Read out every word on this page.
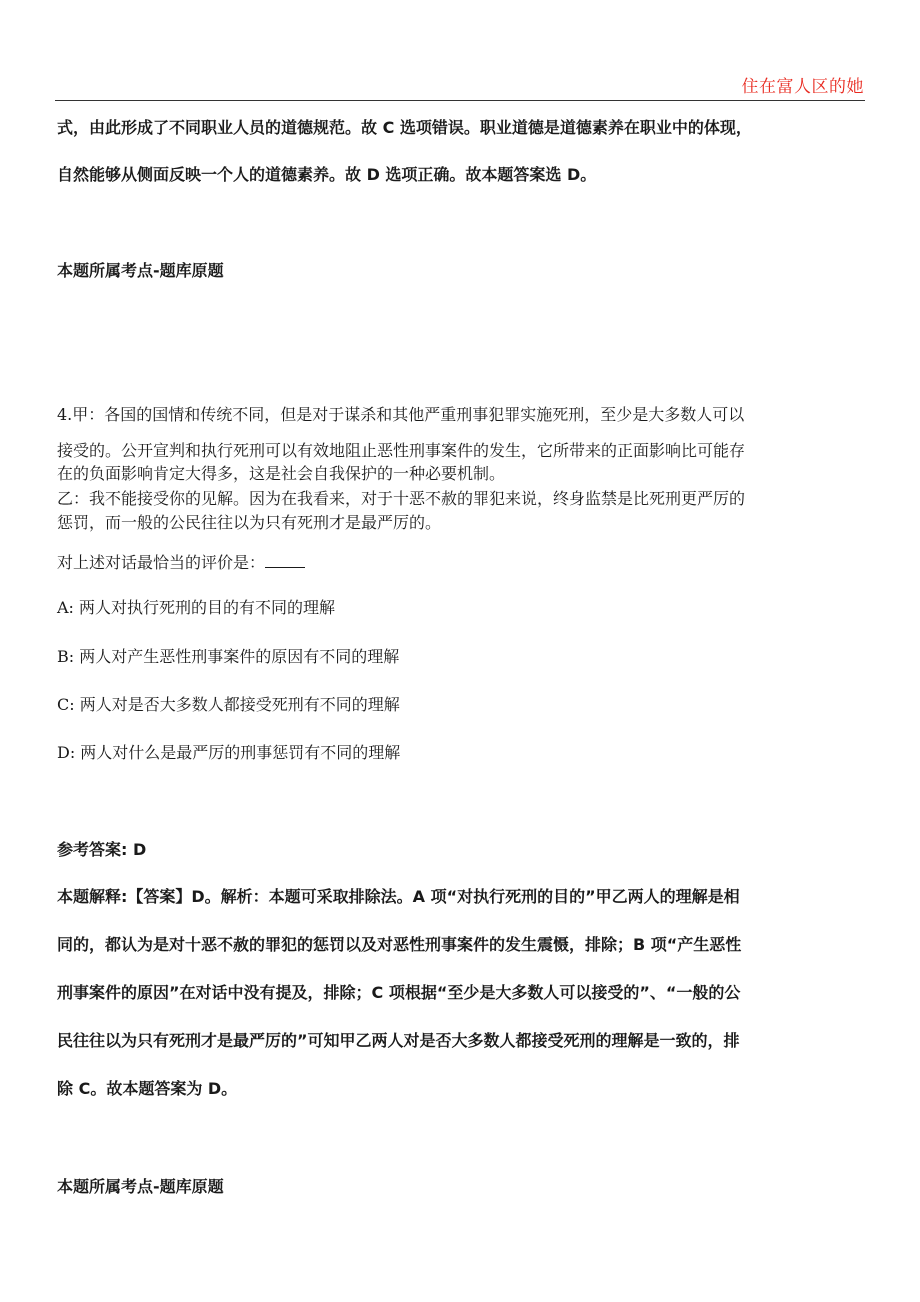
住在富人区的她
式，由此形成了不同职业人员的道德规范。故 C 选项错误。职业道德是道德素养在职业中的体现，
自然能够从侧面反映一个人的道德素养。故 D 选项正确。故本题答案选 D。
本题所属考点-题库原题
4.甲：各国的国情和传统不同，但是对于谋杀和其他严重刑事犯罪实施死刑，至少是大多数人可以
接受的。公开宣判和执行死刑可以有效地阻止恶性刑事案件的发生，它所带来的正面影响比可能存
在的负面影响肯定大得多，这是社会自我保护的一种必要机制。
乙：我不能接受你的见解。因为在我看来，对于十恶不赦的罪犯来说，终身监禁是比死刑更严厉的
惩罚，而一般的公民往往以为只有死刑才是最严厉的。
对上述对话最恰当的评价是：
A: 两人对执行死刑的目的有不同的理解
B: 两人对产生恶性刑事案件的原因有不同的理解
C: 两人对是否大多数人都接受死刑有不同的理解
D: 两人对什么是最严厉的刑事惩罚有不同的理解
参考答案: D
本题解释:【答案】D。解析：本题可采取排除法。A 项“对执行死刑的目的”甲乙两人的理解是相
同的，都认为是对十恶不赦的罪犯的惩罚以及对恶性刑事案件的发生震慑，排除；B 项“产生恶性
刑事案件的原因”在对话中没有提及，排除；C 项根据“至少是大多数人可以接受的”、“一般的公
民往往以为只有死刑才是最严厉的”可知甲乙两人对是否大多数人都接受死刑的理解是一致的，排
除 C。故本题答案为 D。
本题所属考点-题库原题
